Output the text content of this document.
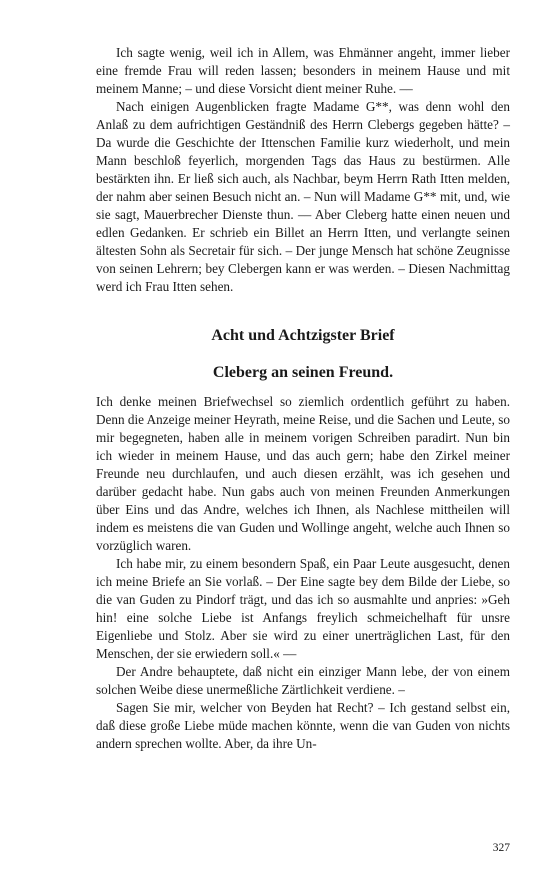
Ich sagte wenig, weil ich in Allem, was Ehmänner angeht, immer lieber eine fremde Frau will reden lassen; besonders in meinem Hause und mit meinem Manne; – und diese Vorsicht dient meiner Ruhe. ––

Nach einigen Augenblicken fragte Madame G**, was denn wohl den Anlaß zu dem aufrichtigen Geständniß des Herrn Clebergs gegeben hätte? – Da wurde die Geschichte der Ittenschen Familie kurz wiederholt, und mein Mann beschloß feyerlich, morgenden Tags das Haus zu bestürmen. Alle bestärkten ihn. Er ließ sich auch, als Nachbar, beym Herrn Rath Itten melden, der nahm aber seinen Besuch nicht an. – Nun will Madame G** mit, und, wie sie sagt, Mauerbrecher Dienste thun. –– Aber Cleberg hatte einen neuen und edlen Gedanken. Er schrieb ein Billet an Herrn Itten, und verlangte seinen ältesten Sohn als Secretair für sich. – Der junge Mensch hat schöne Zeugnisse von seinen Lehrern; bey Clebergen kann er was werden. – Diesen Nachmittag werd ich Frau Itten sehen.

Acht und Achtzigster Brief
Cleberg an seinen Freund.

Ich denke meinen Briefwechsel so ziemlich ordentlich geführt zu haben. Denn die Anzeige meiner Heyrath, meine Reise, und die Sachen und Leute, so mir begegneten, haben alle in meinem vorigen Schreiben paradirt. Nun bin ich wieder in meinem Hause, und das auch gern; habe den Zirkel meiner Freunde neu durchlaufen, und auch diesen erzählt, was ich gesehen und darüber gedacht habe. Nun gabs auch von meinen Freunden Anmerkungen über Eins und das Andre, welches ich Ihnen, als Nachlese mittheilen will indem es meistens die van Guden und Wollinge angeht, welche auch Ihnen so vorzüglich waren.

Ich habe mir, zu einem besondern Spaß, ein Paar Leute ausgesucht, denen ich meine Briefe an Sie vorlaß. – Der Eine sagte bey dem Bilde der Liebe, so die van Guden zu Pindorf trägt, und das ich so ausmahlte und anpries: »Geh hin! eine solche Liebe ist Anfangs freylich schmeichelhaft für unsre Eigenliebe und Stolz. Aber sie wird zu einer unerträglichen Last, für den Menschen, der sie erwiedern soll.« ––

Der Andre behauptete, daß nicht ein einziger Mann lebe, der von einem solchen Weibe diese unermeßliche Zärtlichkeit verdiene. –

Sagen Sie mir, welcher von Beyden hat Recht? – Ich gestand selbst ein, daß diese große Liebe müde machen könnte, wenn die van Guden von nichts andern sprechen wollte. Aber, da ihre Un-

327
